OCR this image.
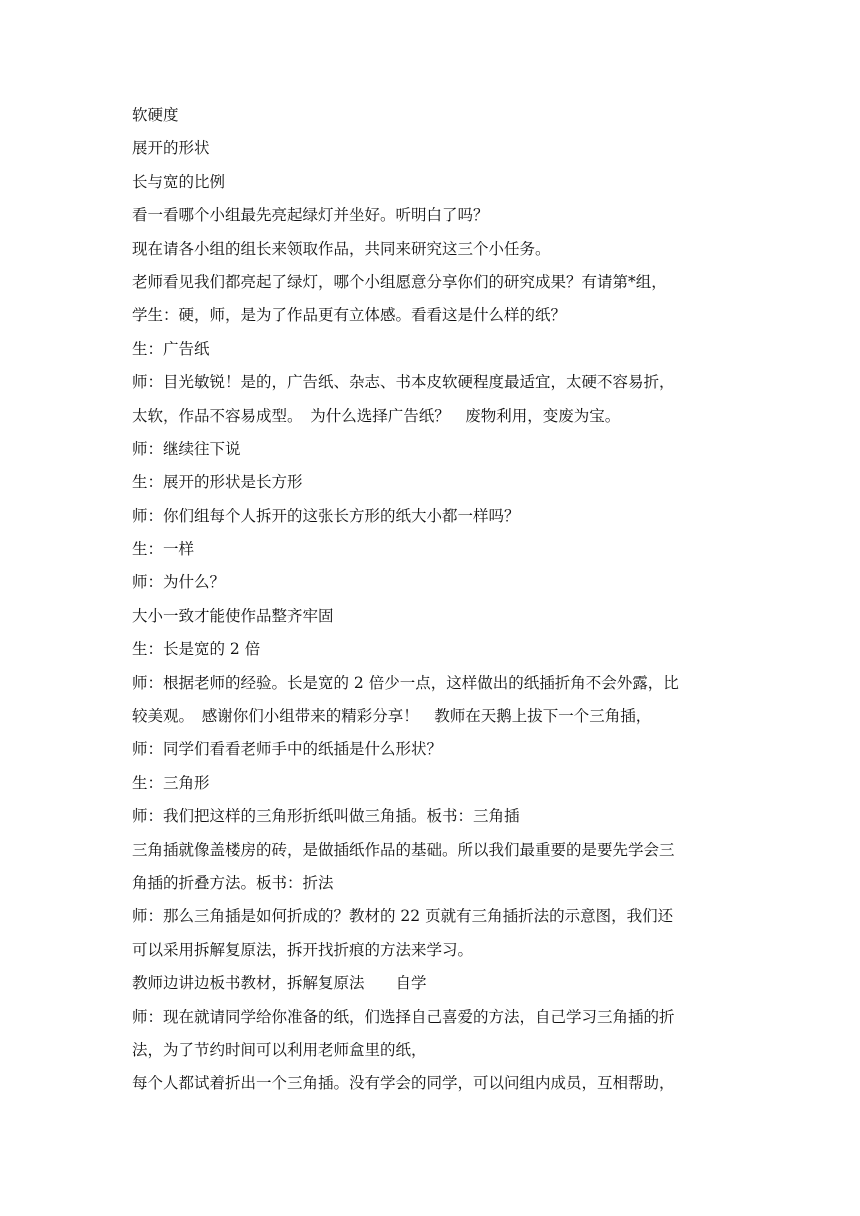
软硬度
展开的形状
长与宽的比例
看一看哪个小组最先亮起绿灯并坐好。听明白了吗？
现在请各小组的组长来领取作品，共同来研究这三个小任务。
老师看见我们都亮起了绿灯，哪个小组愿意分享你们的研究成果？有请第*组，
学生：硬，师，是为了作品更有立体感。看看这是什么样的纸？
生：广告纸
师：目光敏锐！是的，广告纸、杂志、书本皮软硬程度最适宜，太硬不容易折，
太软，作品不容易成型。　为什么选择广告纸？　废物利用，变废为宝。
师：继续往下说
生：展开的形状是长方形
师：你们组每个人拆开的这张长方形的纸大小都一样吗？
生：一样
师：为什么？
大小一致才能使作品整齐牢固
生：长是宽的 2 倍
师：根据老师的经验。长是宽的 2 倍少一点，这样做出的纸插折角不会外露，比
较美观。　感谢你们小组带来的精彩分享！　教师在天鹅上拔下一个三角插，
师：同学们看看老师手中的纸插是什么形状？
生：三角形
师：我们把这样的三角形折纸叫做三角插。板书：三角插
三角插就像盖楼房的砖，是做插纸作品的基础。所以我们最重要的是要先学会三
角插的折叠方法。板书：折法
师：那么三角插是如何折成的？教材的 22 页就有三角插折法的示意图，我们还
可以采用拆解复原法，拆开找折痕的方法来学习。
教师边讲边板书教材，拆解复原法　　自学
师：现在就请同学给你准备的纸，们选择自己喜爱的方法，自己学习三角插的折
法，为了节约时间可以利用老师盒里的纸，
每个人都试着折出一个三角插。没有学会的同学，可以问组内成员，互相帮助，
